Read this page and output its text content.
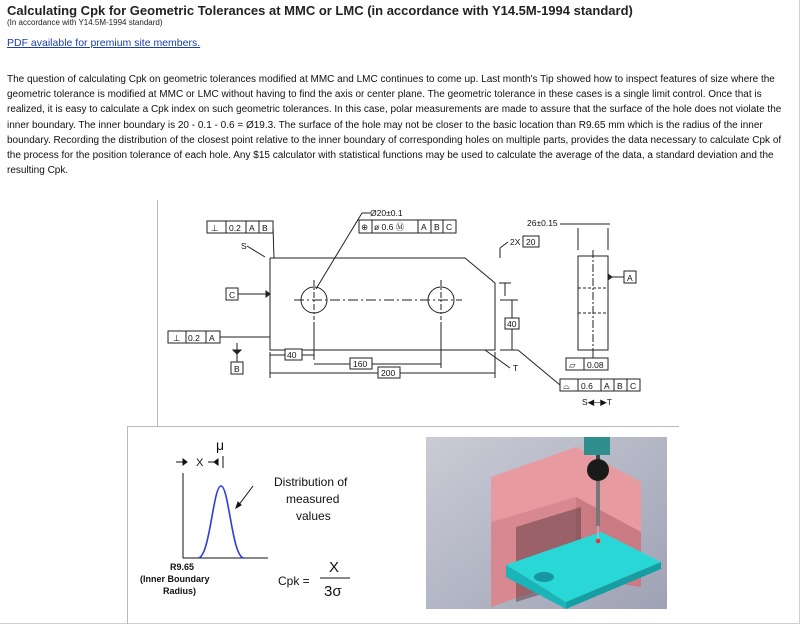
Calculating Cpk for Geometric Tolerances at MMC or LMC (in accordance with Y14.5M-1994 standard)
(In accordance with Y14.5M-1994 standard)
PDF available for premium site members.
The question of calculating Cpk on geometric tolerances modified at MMC and LMC continues to come up. Last month's Tip showed how to inspect features of size where the geometric tolerance is modified at MMC or LMC without having to find the axis or center plane. The geometric tolerance in these cases is a single limit control. Once that is realized, it is easy to calculate a Cpk index on such geometric tolerances. In this case, polar measurements are made to assure that the surface of the hole does not violate the inner boundary. The inner boundary is 20 - 0.1 - 0.6 = Ø19.3. The surface of the hole may not be closer to the basic location than R9.65 mm which is the radius of the inner boundary. Recording the distribution of the closest point relative to the inner boundary of corresponding holes on multiple parts, provides the data necessary to calculate Cpk of the process for the position tolerance of each hole. Any $15 calculator with statistical functions may be used to calculate the average of the data, a standard deviation and the resulting Cpk.
⊥ 0.2 A B
Ø20±0.1
⊕ ø 0.6 Ⓜ A B C	26±0.15
2X 20
S
C
⊥ 0.2 A
B
40
160
200
40
T
A
▱ 0.08
⌓ 0.6 A B C
S◀─▶T
μ
X
Distribution of
measured
values
R9.65
(Inner Boundary
Radius)
Cpk =
X
3σ
